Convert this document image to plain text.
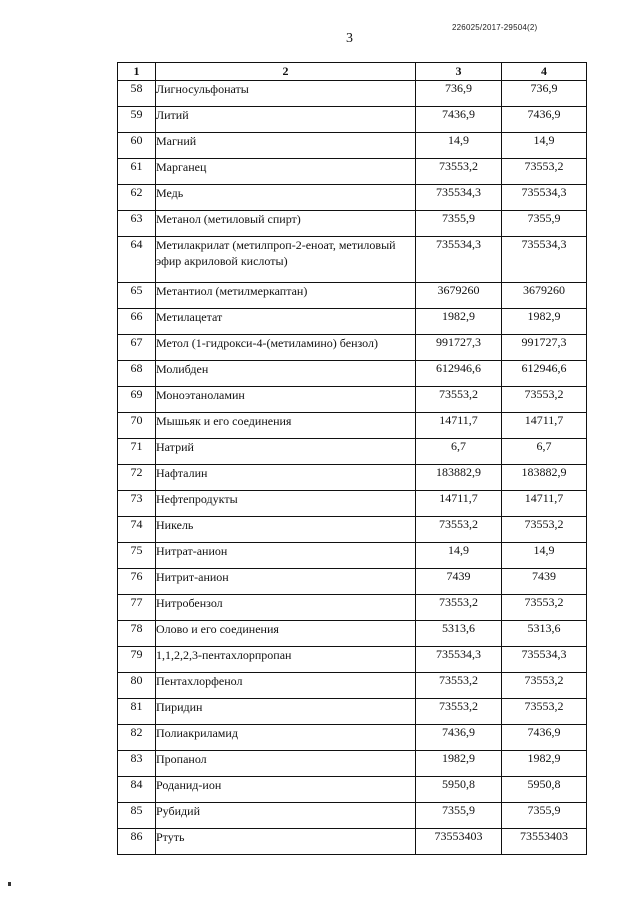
226025/2017-29504(2)
3
1	2	3	4
58	Лигносульфонаты	736,9	736,9
59	Литий	7436,9	7436,9
60	Магний	14,9	14,9
61	Марганец	73553,2	73553,2
62	Медь	735534,3	735534,3
63	Метанол (метиловый спирт)	7355,9	7355,9
64	Метилакрилат (метилпроп-2-еноат, метиловый эфир акриловой кислоты)	735534,3	735534,3
65	Метантиол (метилмеркаптан)	3679260	3679260
66	Метилацетат	1982,9	1982,9
67	Метол (1-гидрокси-4-(метиламино) бензол)	991727,3	991727,3
68	Молибден	612946,6	612946,6
69	Моноэтаноламин	73553,2	73553,2
70	Мышьяк и его соединения	14711,7	14711,7
71	Натрий	6,7	6,7
72	Нафталин	183882,9	183882,9
73	Нефтепродукты	14711,7	14711,7
74	Никель	73553,2	73553,2
75	Нитрат-анион	14,9	14,9
76	Нитрит-анион	7439	7439
77	Нитробензол	73553,2	73553,2
78	Олово и его соединения	5313,6	5313,6
79	1,1,2,2,3-пентахлорпропан	735534,3	735534,3
80	Пентахлорфенол	73553,2	73553,2
81	Пиридин	73553,2	73553,2
82	Полиакриламид	7436,9	7436,9
83	Пропанол	1982,9	1982,9
84	Роданид-ион	5950,8	5950,8
85	Рубидий	7355,9	7355,9
86	Ртуть	73553403	73553403
